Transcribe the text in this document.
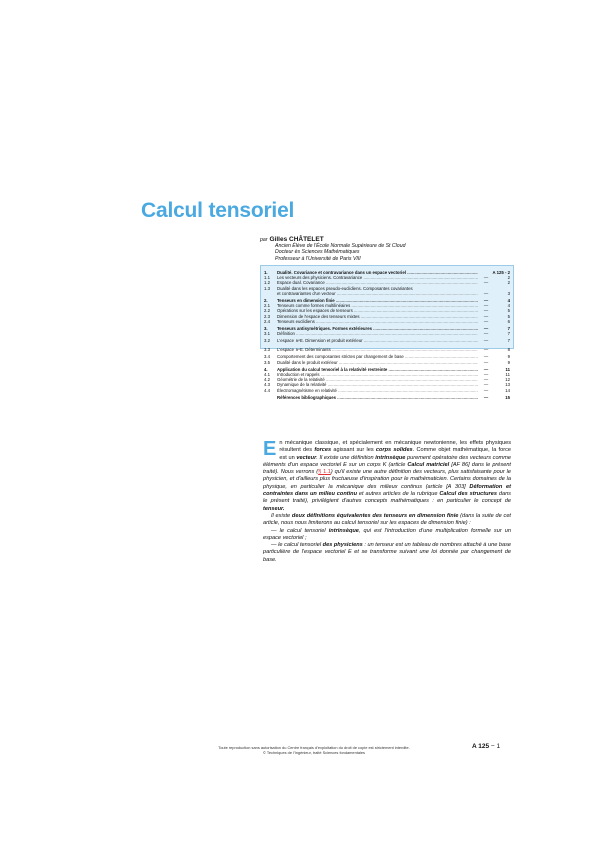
Calcul tensoriel
par Gilles CHÂTELET
Ancien Élève de l'École Normale Supérieure de St Cloud
Docteur ès Sciences Mathématiques
Professeur à l'Université de Paris VIII
1.	Dualité. Covariance et contravariance dans un espace vectoriel .....	A 125 - 2
1.1	Les vecteurs des physiciens. Contravariance .....	—	2
1.2	Espace dual. Covariance .....	—	2
1.3	Dualité dans les espaces pseudo-euclidiens. Composantes covariantes
et contravariantes d'un vecteur .....	—	3
2.	Tenseurs en dimension finie .....	—	4
2.1	Tenseurs comme formes multilinéaires .....	—	4
2.2	Opérations sur les espaces de tenseurs .....	—	5
2.3	Dimension de l'espace des tenseurs mixtes .....	—	5
2.4	Tenseurs euclidiens .....	—	6
3.	Tenseurs antisymétriques. Formes extérieures .....	—	7
3.1	Définition .....	—	7
3.2	L'espace ∧ᵖE. Dimension et produit extérieur .....	—	7
3.3	L'espace ∧ⁿE. Déterminants .....	—	8
3.4	Comportement des composantes strictes par changement de base .....	—	9
3.5	Dualité dans le produit extérieur .....	—	9
4.	Application du calcul tensoriel à la relativité restreinte .....	—	11
4.1	Introduction et rappels .....	—	11
4.2	Géométrie de la relativité .....	—	12
4.3	Dynamique de la relativité .....	—	13
4.4	Électromagnétisme en relativité .....	—	14
Références bibliographiques .....	—	15

En mécanique classique, et spécialement en mécanique newtonienne, les effets physiques résultent des forces agissant sur les corps solides. Comme objet mathématique, la force est un vecteur. Il existe une définition intrinsèque purement opératoire des vecteurs comme éléments d'un espace vectoriel E sur un corps K (article Calcul matriciel [AF 86] dans le présent traité). Nous verrons (§ 1.1) qu'il existe une autre définition des vecteurs, plus satisfaisante pour le physicien, et d'ailleurs plus fructueuse d'inspiration pour le mathématicien. Certains domaines de la physique, en particulier la mécanique des milieux continus (article [A 303] Déformation et contraintes dans un milieu continu et autres articles de la rubrique Calcul des structures dans le présent traité), privilégient d'autres concepts mathématiques : en particulier le concept de tenseur.

Il existe deux définitions équivalentes des tenseurs en dimension finie (dans la suite de cet article, nous nous limiterons au calcul tensoriel sur les espaces de dimension finie) :

— le calcul tensoriel intrinsèque, qui est l'introduction d'une multiplication formelle sur un espace vectoriel ;

— le calcul tensoriel des physiciens : un tenseur est un tableau de nombres attaché à une base particulière de l'espace vectoriel E et se transforme suivant une loi donnée par changement de base.

Toute reproduction sans autorisation du Centre français d'exploitation du droit de copie est strictement interdite.
© Techniques de l'Ingénieur, traité Sciences fondamentales
A 125 − 1
